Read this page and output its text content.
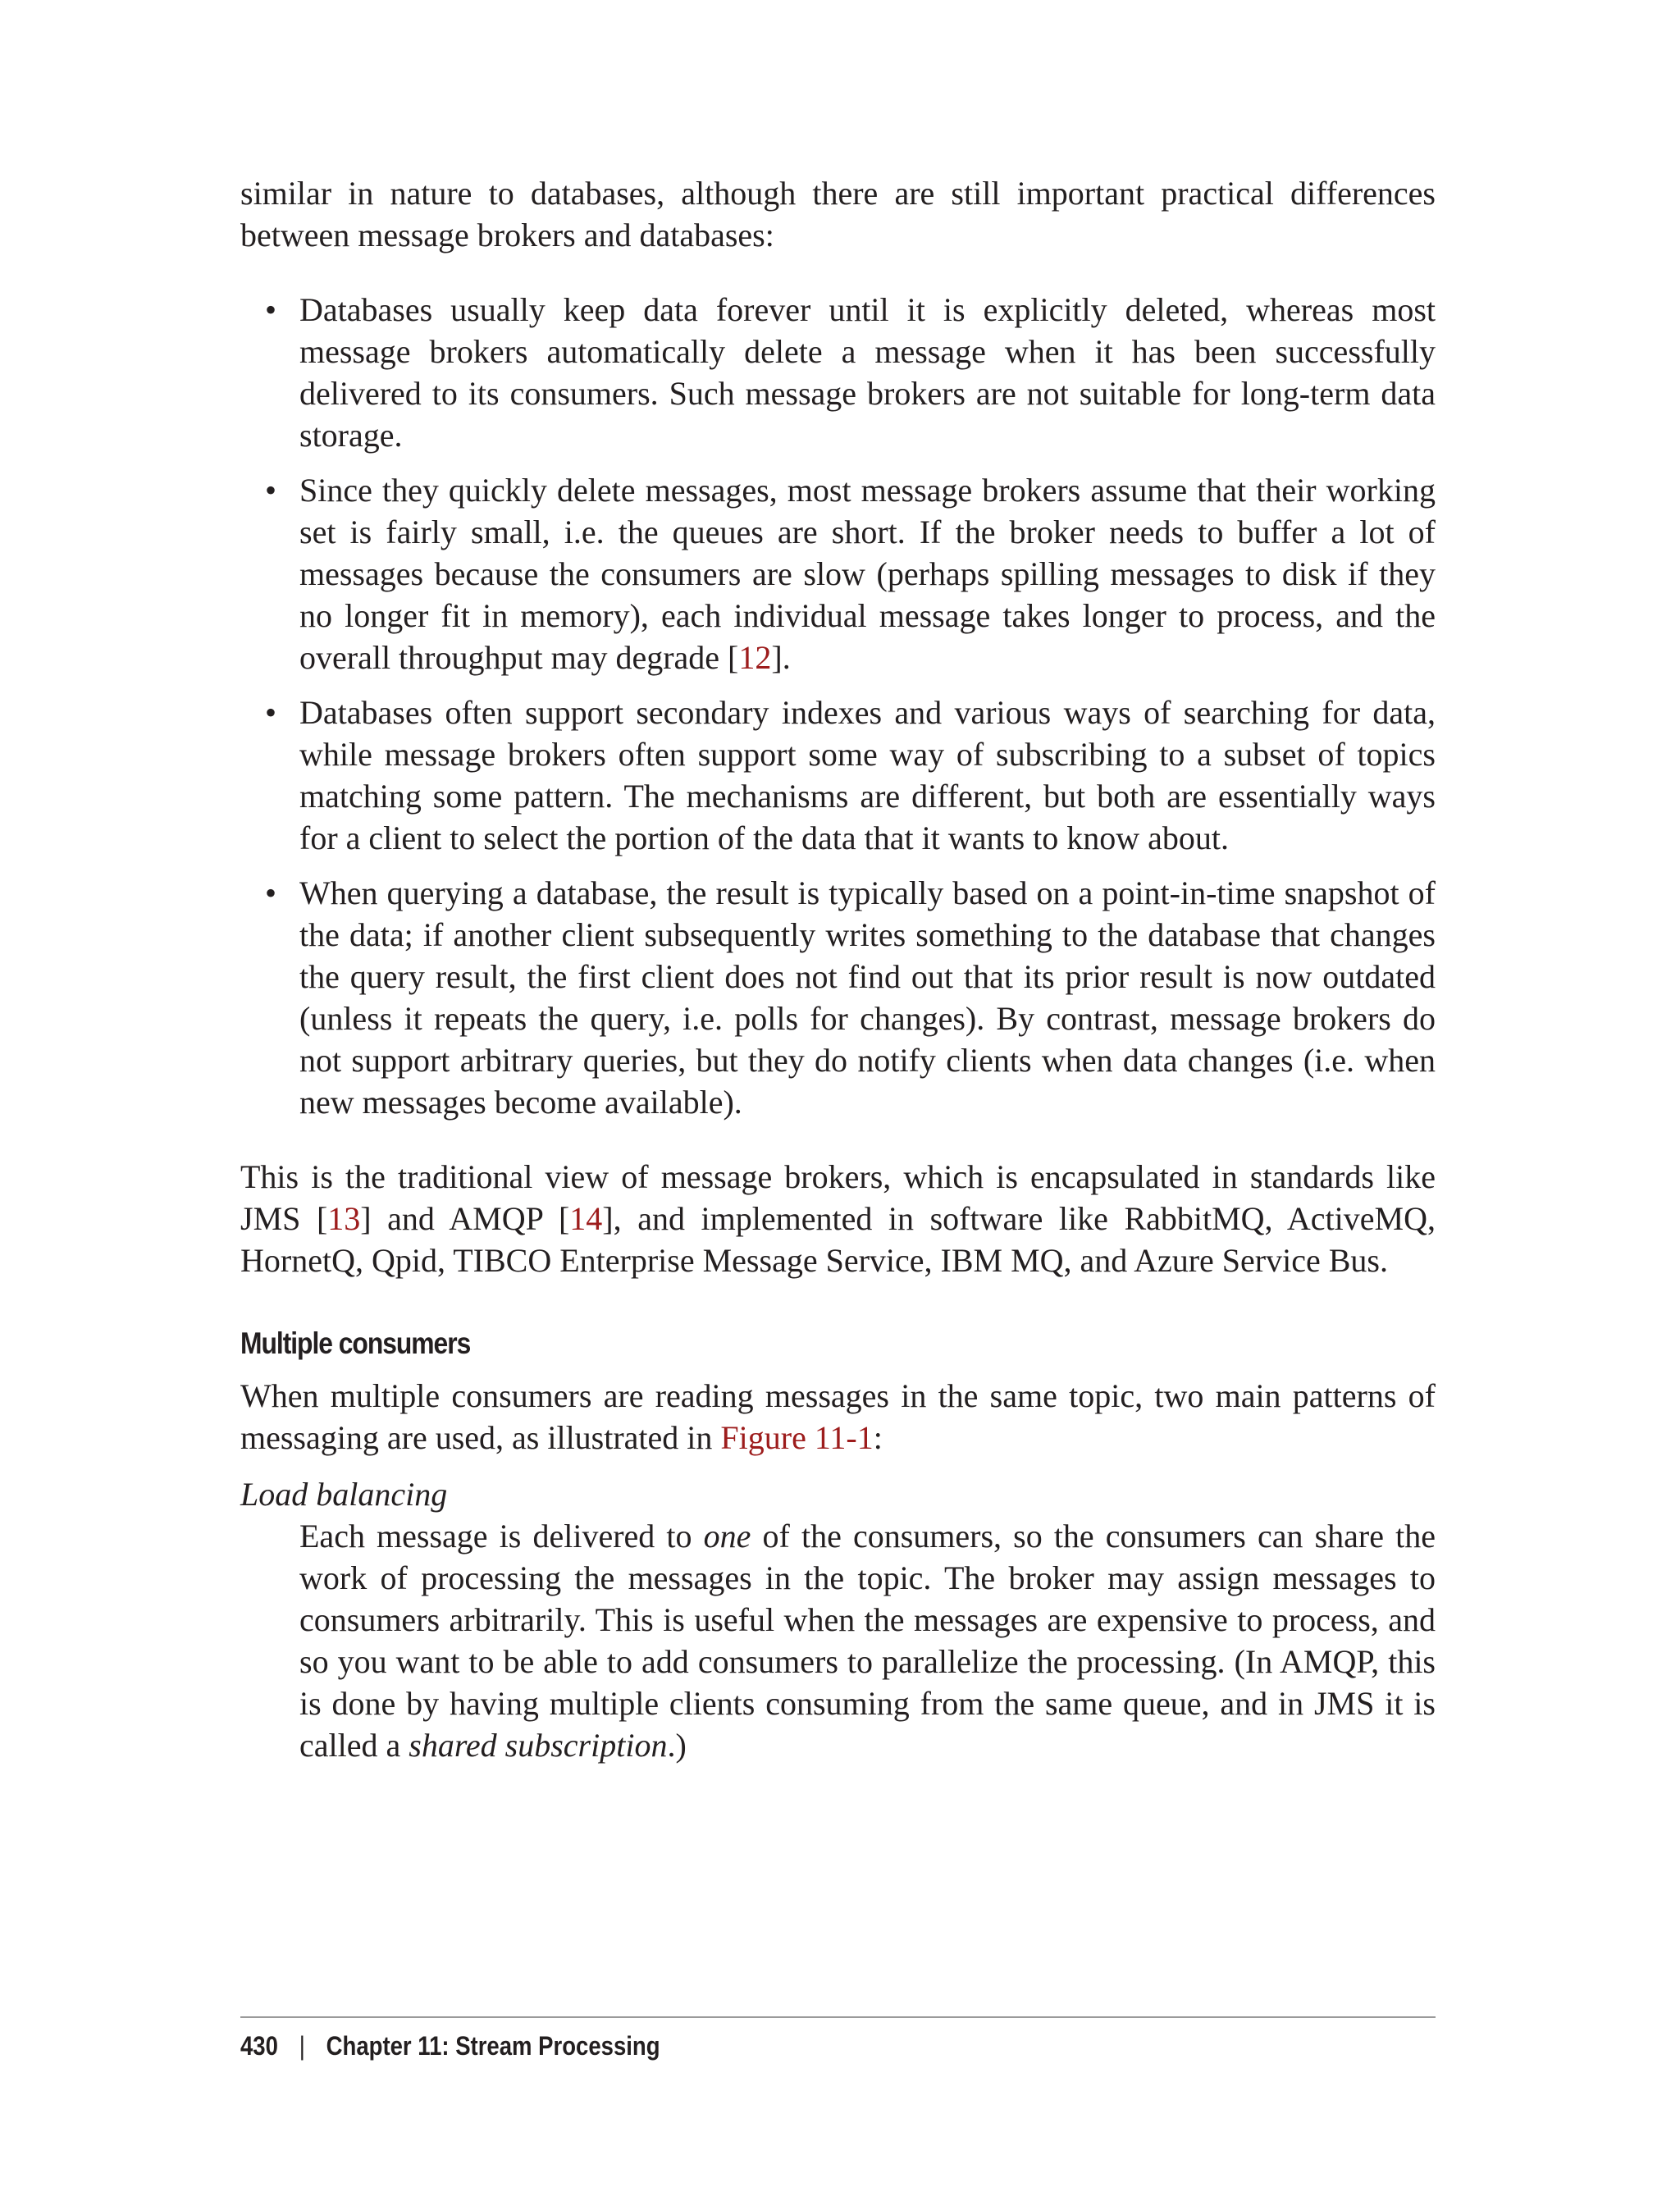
similar in nature to databases, although there are still important practical differences between message brokers and databases:

• Databases usually keep data forever until it is explicitly deleted, whereas most message brokers automatically delete a message when it has been successfully delivered to its consumers. Such message brokers are not suitable for long-term data storage.

• Since they quickly delete messages, most message brokers assume that their working set is fairly small, i.e. the queues are short. If the broker needs to buffer a lot of messages because the consumers are slow (perhaps spilling messages to disk if they no longer fit in memory), each individual message takes longer to process, and the overall throughput may degrade [12].

• Databases often support secondary indexes and various ways of searching for data, while message brokers often support some way of subscribing to a subset of topics matching some pattern. The mechanisms are different, but both are essentially ways for a client to select the portion of the data that it wants to know about.

• When querying a database, the result is typically based on a point-in-time snapshot of the data; if another client subsequently writes something to the database that changes the query result, the first client does not find out that its prior result is now outdated (unless it repeats the query, i.e. polls for changes). By contrast, message brokers do not support arbitrary queries, but they do notify clients when data changes (i.e. when new messages become available).

This is the traditional view of message brokers, which is encapsulated in standards like JMS [13] and AMQP [14], and implemented in software like RabbitMQ, ActiveMQ, HornetQ, Qpid, TIBCO Enterprise Message Service, IBM MQ, and Azure Service Bus.

Multiple consumers

When multiple consumers are reading messages in the same topic, two main patterns of messaging are used, as illustrated in Figure 11-1:

Load balancing

Each message is delivered to one of the consumers, so the consumers can share the work of processing the messages in the topic. The broker may assign messages to consumers arbitrarily. This is useful when the messages are expensive to process, and so you want to be able to add consumers to parallelize the processing. (In AMQP, this is done by having multiple clients consuming from the same queue, and in JMS it is called a shared subscription.)

430 | Chapter 11: Stream Processing
